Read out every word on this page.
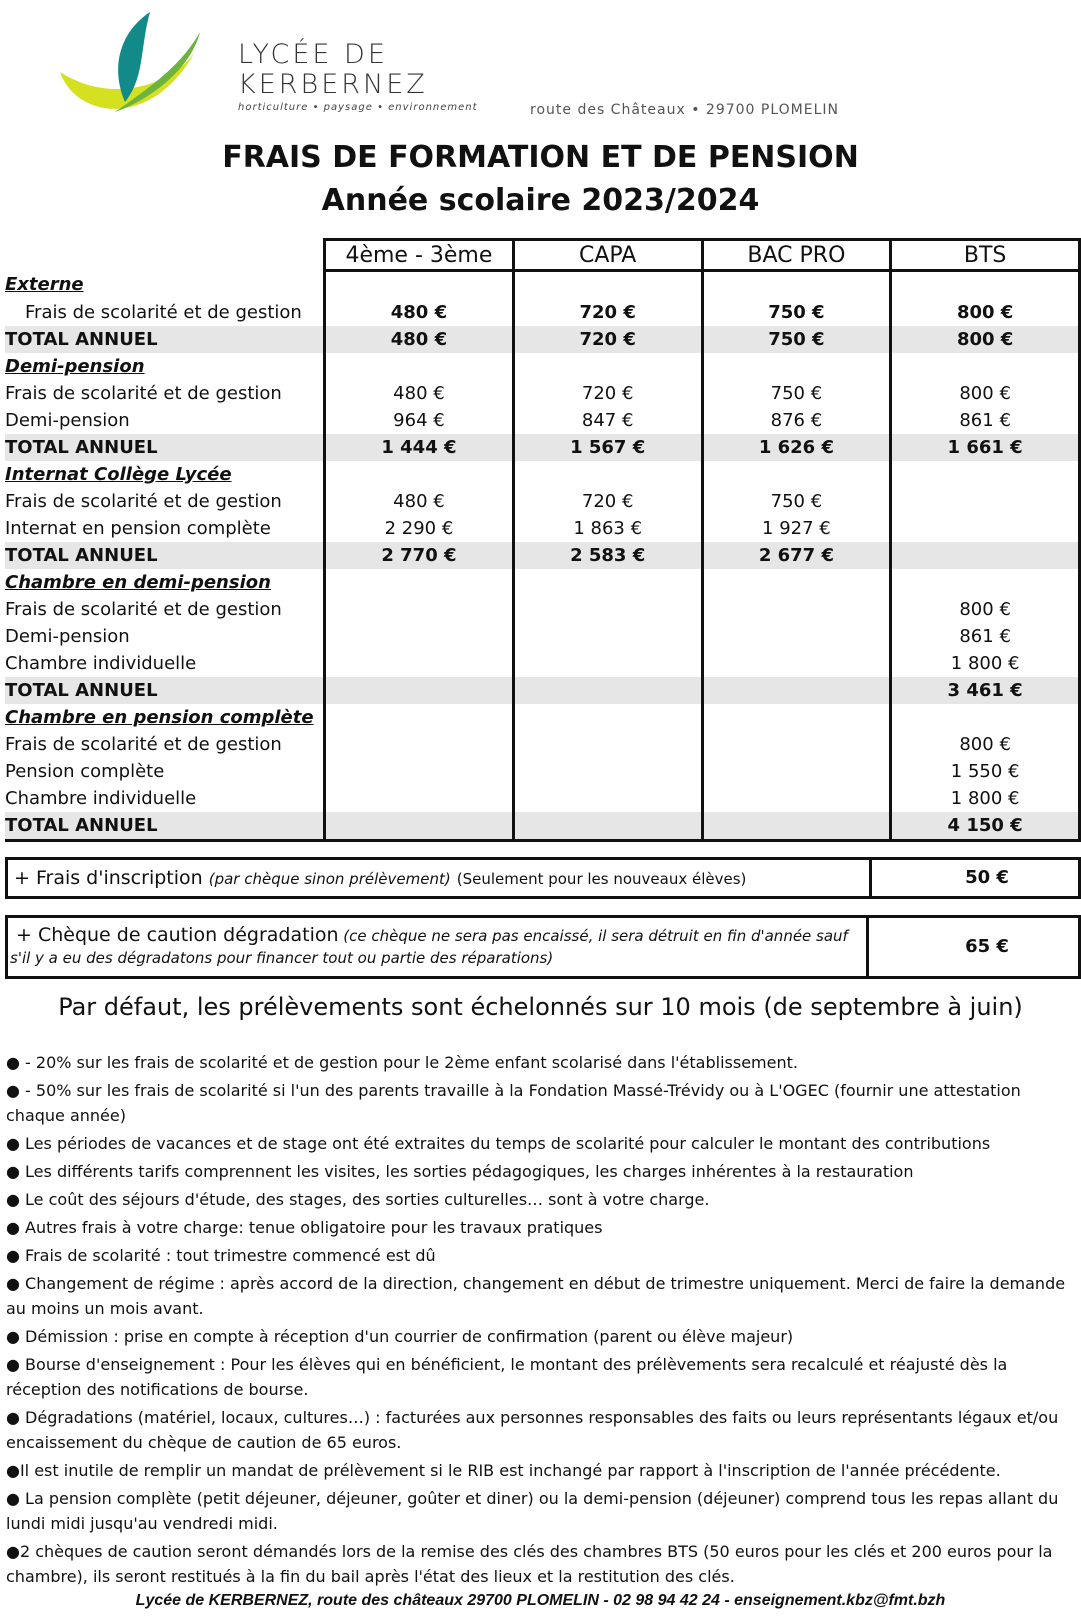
LYCÉE DE
KERBERNEZ
horticulture • paysage • environnement	route des Châteaux • 29700 PLOMELIN
FRAIS DE FORMATION ET DE PENSION
Année scolaire 2023/2024
	4ème - 3ème	CAPA	BAC PRO	BTS
Externe				
Frais de scolarité et de gestion	480 €	720 €	750 €	800 €
TOTAL ANNUEL	480 €	720 €	750 €	800 €
Demi-pension				
Frais de scolarité et de gestion	480 €	720 €	750 €	800 €
Demi-pension	964 €	847 €	876 €	861 €
TOTAL ANNUEL	1 444 €	1 567 €	1 626 €	1 661 €
Internat Collège Lycée				
Frais de scolarité et de gestion	480 €	720 €	750 €	
Internat en pension complète	2 290 €	1 863 €	1 927 €	
TOTAL ANNUEL	2 770 €	2 583 €	2 677 €	
Chambre en demi-pension				
Frais de scolarité et de gestion				800 €
Demi-pension				861 €
Chambre individuelle				1 800 €
TOTAL ANNUEL				3 461 €
Chambre en pension complète				
Frais de scolarité et de gestion				800 €
Pension complète				1 550 €
Chambre individuelle				1 800 €
TOTAL ANNUEL				4 150 €
+ Frais d'inscription (par chèque sinon prélèvement) (Seulement pour les nouveaux élèves)	50 €
+ Chèque de caution dégradation (ce chèque ne sera pas encaissé, il sera détruit en fin d'année sauf s'il y a eu des dégradatons pour financer tout ou partie des réparations)
65 €
Par défaut, les prélèvements sont échelonnés sur 10 mois (de septembre à juin)

● - 20% sur les frais de scolarité et de gestion pour le 2ème enfant scolarisé dans l'établissement.

● - 50% sur les frais de scolarité si l'un des parents travaille à la Fondation Massé-Trévidy ou à L'OGEC (fournir une attestation chaque année)

● Les périodes de vacances et de stage ont été extraites du temps de scolarité pour calculer le montant des contributions

● Les différents tarifs comprennent les visites, les sorties pédagogiques, les charges inhérentes à la restauration

● Le coût des séjours d'étude, des stages, des sorties culturelles… sont à votre charge.

● Autres frais à votre charge: tenue obligatoire pour les travaux pratiques

● Frais de scolarité : tout trimestre commencé est dû

● Changement de régime : après accord de la direction, changement en début de trimestre uniquement. Merci de faire la demande au moins un mois avant.

● Démission : prise en compte à réception d'un courrier de confirmation (parent ou élève majeur)

● Bourse d'enseignement : Pour les élèves qui en bénéficient, le montant des prélèvements sera recalculé et réajusté dès la réception des notifications de bourse.

● Dégradations (matériel, locaux, cultures…) : facturées aux personnes responsables des faits ou leurs représentants légaux et/ou encaissement du chèque de caution de 65 euros.

●Il est inutile de remplir un mandat de prélèvement si le RIB est inchangé par rapport à l'inscription de l'année précédente.

● La pension complète (petit déjeuner, déjeuner, goûter et diner) ou la demi-pension (déjeuner) comprend tous les repas allant du lundi midi jusqu'au vendredi midi.

●2 chèques de caution seront démandés lors de la remise des clés des chambres BTS (50 euros pour les clés et 200 euros pour la chambre), ils seront restitués à la fin du bail après l'état des lieux et la restitution des clés.

Lycée de KERBERNEZ, route des châteaux 29700 PLOMELIN - 02 98 94 42 24 - enseignement.kbz@fmt.bzh
